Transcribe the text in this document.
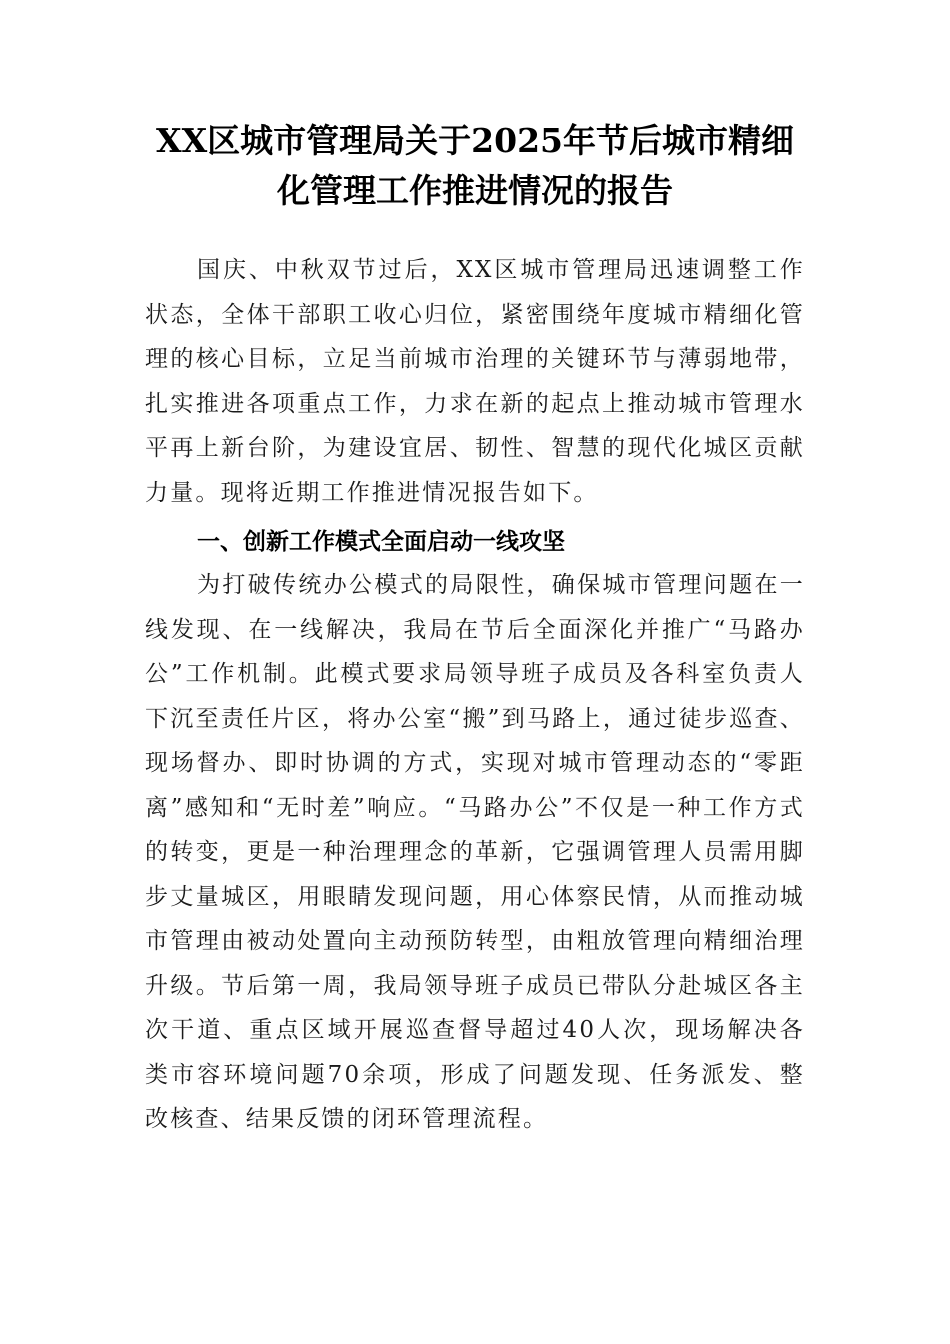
XX区城市管理局关于2025年节后城市精细化管理工作推进情况的报告

国庆、中秋双节过后，XX区城市管理局迅速调整工作状态，全体干部职工收心归位，紧密围绕年度城市精细化管理的核心目标，立足当前城市治理的关键环节与薄弱地带，扎实推进各项重点工作，力求在新的起点上推动城市管理水平再上新台阶，为建设宜居、韧性、智慧的现代化城区贡献力量。现将近期工作推进情况报告如下。

一、创新工作模式全面启动一线攻坚

为打破传统办公模式的局限性，确保城市管理问题在一线发现、在一线解决，我局在节后全面深化并推广“马路办公”工作机制。此模式要求局领导班子成员及各科室负责人下沉至责任片区，将办公室“搬”到马路上，通过徒步巡查、现场督办、即时协调的方式，实现对城市管理动态的“零距离”感知和“无时差”响应。“马路办公”不仅是一种工作方式的转变，更是一种治理理念的革新，它强调管理人员需用脚步丈量城区，用眼睛发现问题，用心体察民情，从而推动城市管理由被动处置向主动预防转型，由粗放管理向精细治理升级。节后第一周，我局领导班子成员已带队分赴城区各主次干道、重点区域开展巡查督导超过40人次，现场解决各类市容环境问题70余项，形成了问题发现、任务派发、整改核查、结果反馈的闭环管理流程。
